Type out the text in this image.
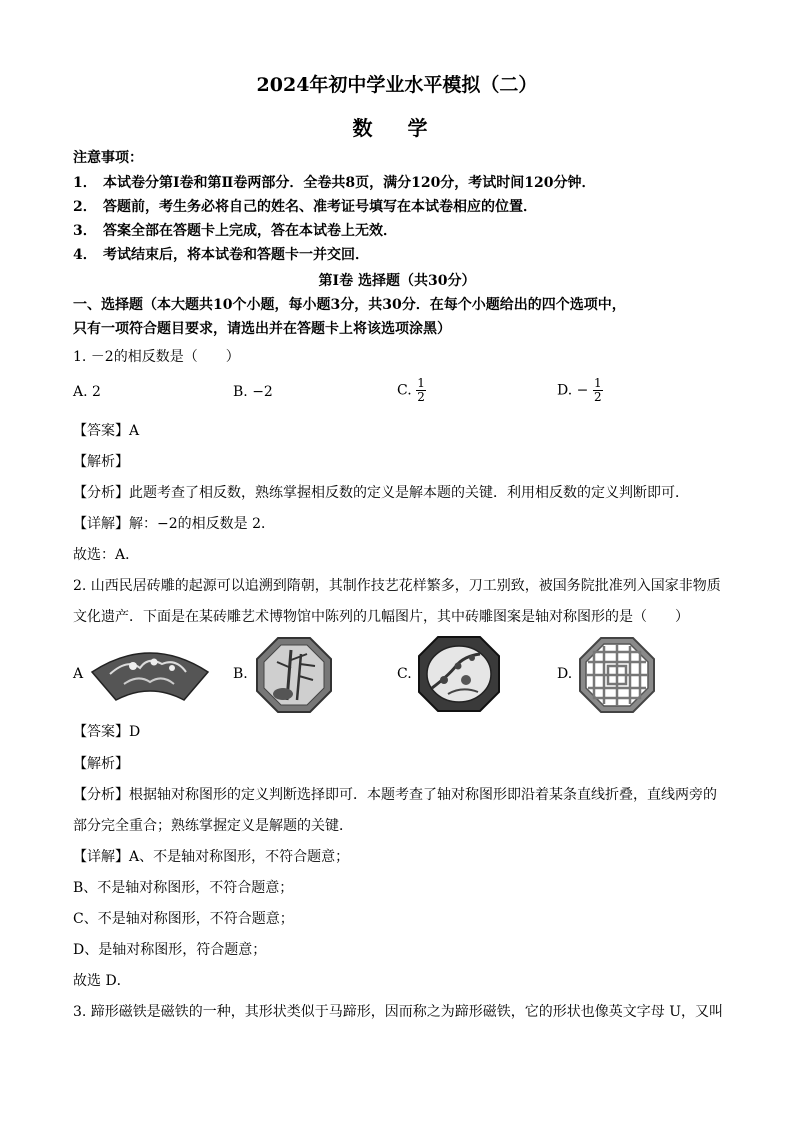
2024年初中学业水平模拟（二）
数 学
注意事项：
1． 本试卷分第Ⅰ卷和第Ⅱ卷两部分．全卷共8页，满分120分，考试时间120分钟．
2． 答题前，考生务必将自己的姓名、准考证号填写在本试卷相应的位置．
3． 答案全部在答题卡上完成，答在本试卷上无效．
4． 考试结束后，将本试卷和答题卡一并交回．
第Ⅰ卷 选择题（共30分）
一、选择题（本大题共10个小题，每小题3分，共30分．在每个小题给出的四个选项中，
只有一项符合题目要求，请选出并在答题卡上将该选项涂黑）
1. －2的相反数是（　　）
A. 2	B. −2	C. $\frac{1}{2}$	D. − $\frac{1}{2}$
【答案】A
【解析】
【分析】此题考查了相反数，熟练掌握相反数的定义是解本题的关键．利用相反数的定义判断即可．
【详解】解：−2的相反数是 2．
故选：A．
2. 山西民居砖雕的起源可以追溯到隋朝，其制作技艺花样繁多，刀工别致，被国务院批准列入国家非物质
文化遗产．下面是在某砖雕艺术博物馆中陈列的几幅图片，其中砖雕图案是轴对称图形的是（　　）
A	B.	C.	D.
【答案】D
【解析】
【分析】根据轴对称图形的定义判断选择即可．本题考查了轴对称图形即沿着某条直线折叠，直线两旁的
部分完全重合；熟练掌握定义是解题的关键．
【详解】A、不是轴对称图形，不符合题意；
B、不是轴对称图形，不符合题意；
C、不是轴对称图形，不符合题意；
D、是轴对称图形，符合题意；
故选 D．
3. 蹄形磁铁是磁铁的一种，其形状类似于马蹄形，因而称之为蹄形磁铁，它的形状也像英文字母 U，又叫
